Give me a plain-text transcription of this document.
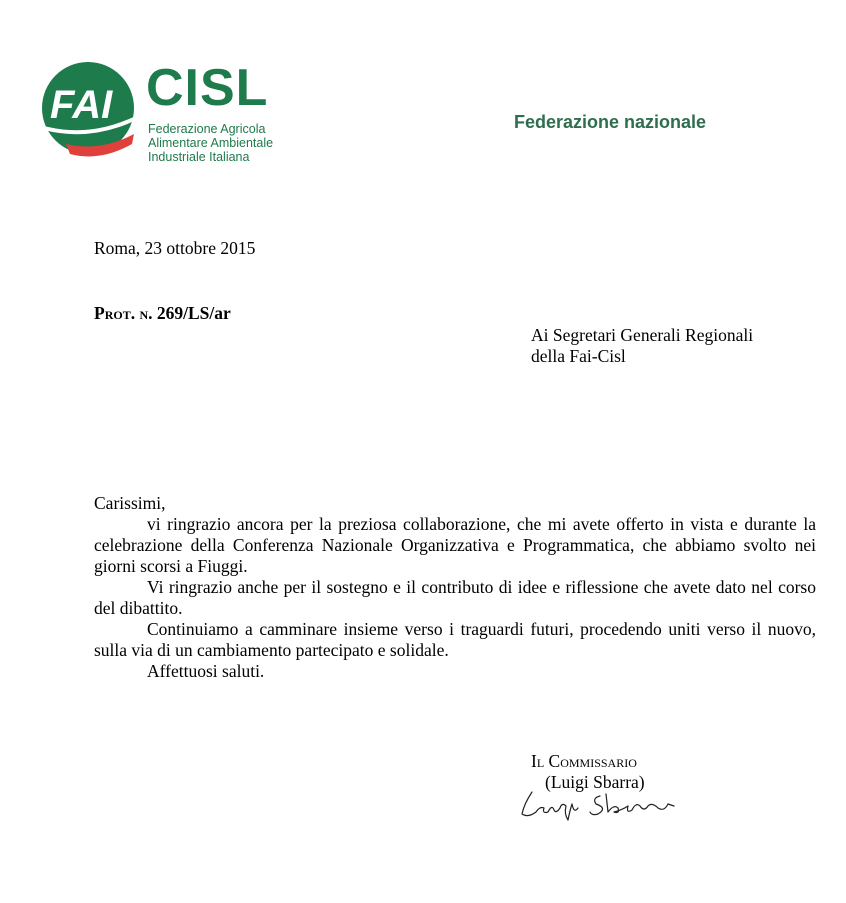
FAI CISL
Federazione Agricola
Alimentare Ambientale
Industriale Italiana
Federazione nazionale
Roma, 23 ottobre 2015
Prot. n. 269/LS/ar
Ai Segretari Generali Regionali
della Fai-Cisl

Carissimi,

vi ringrazio ancora per la preziosa collaborazione, che mi avete offerto in vista e durante la celebrazione della Conferenza Nazionale Organizzativa e Programmatica, che abbiamo svolto nei giorni scorsi a Fiuggi.

Vi ringrazio anche per il sostegno e il contributo di idee e riflessione che avete dato nel corso del dibattito.

Continuiamo a camminare insieme verso i traguardi futuri, procedendo uniti verso il nuovo, sulla via di un cambiamento partecipato e solidale.

Affettuosi saluti.

Il Commissario
(Luigi Sbarra)
